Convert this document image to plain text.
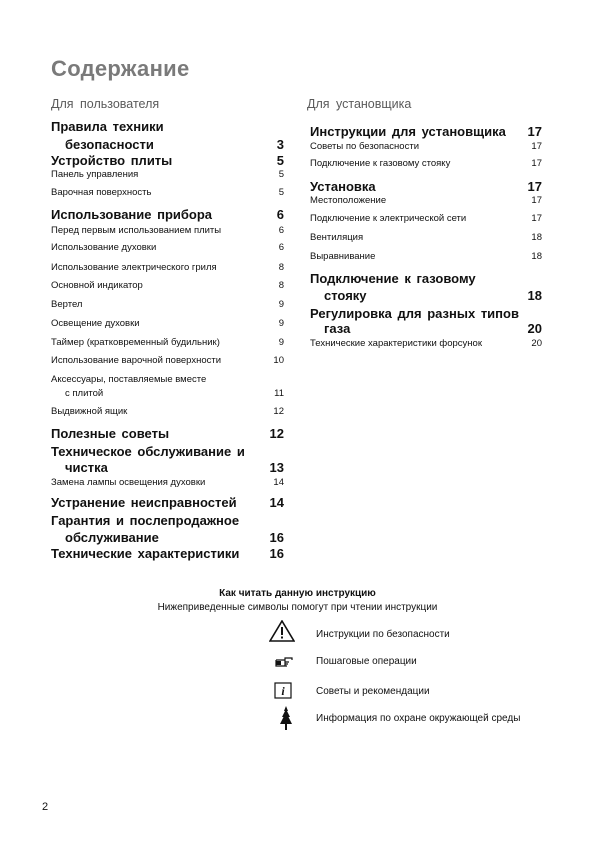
Содержание
Для пользователя	Для установщика
Правила техники
безопасности	3
Устройство плиты	5
Панель управления	5
Варочная поверхность	5
Использование прибора	6
Перед первым использованием плиты	6
Использование духовки	6
Использование электрического гриля	8
Основной индикатор	8
Вертел	9
Освещение духовки	9
Таймер (кратковременный будильник)	9
Использование варочной поверхности	10
Аксессуары, поставляемые вместе
с плитой	11
Выдвижной ящик	12
Полезные советы	12
Техническое обслуживание и
чистка	13
Замена лампы освещения духовки	14
Устранение неисправностей	14
Гарантия и послепродажное
обслуживание	16
Технические характеристики 16
Инструкции для установщика 17
Советы по безопасности	17
Подключение к газовому стояку	17
Установка	17
Местоположение	17
Подключение к электрической сети	17
Вентиляция	18
Выравнивание	18
Подключение к газовому
стояку	18
Регулировка для разных типов
газа	20
Технические характеристики форсунок	20
Как читать данную инструкцию
Нижеприведенные символы помогут при чтении инструкции
Инструкции по безопасности
Пошаговые операции
i	Советы и рекомендации
Информация по охране окружающей среды
2
